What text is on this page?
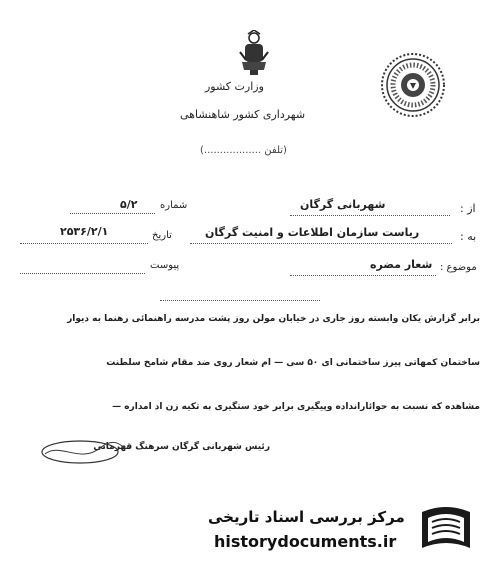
وزارت کشور
شهرداری کشور شاهنشاهی
(تلفن ..................)
از :
شهربانی گرگان
شماره
۵/۲
به :
ریاست سازمان اطلاعات و امنیت گرگان
تاریخ
۲۵۳۶/۲/۱
موضوع :
شعار مضره
پیوست
برابر گزارش یکان وابسته روز جاری در خیابان مولن روز پشت مدرسه راهنمائی رهنما به دیوار
ساختمان کمهاتی پیرز ساختمانی ای ۵۰ سی — ام شعار روی ضد مقام شامخ سلطنت
مشاهده که نسبت به حوائارانداده وپیگیری برابر خود ستگیری به تکیه زن اد امداره —
رئیس شهربانی گرگان سرهنگ قهرمانی
مرکز بررسی اسناد تاریخی
historydocuments.ir
